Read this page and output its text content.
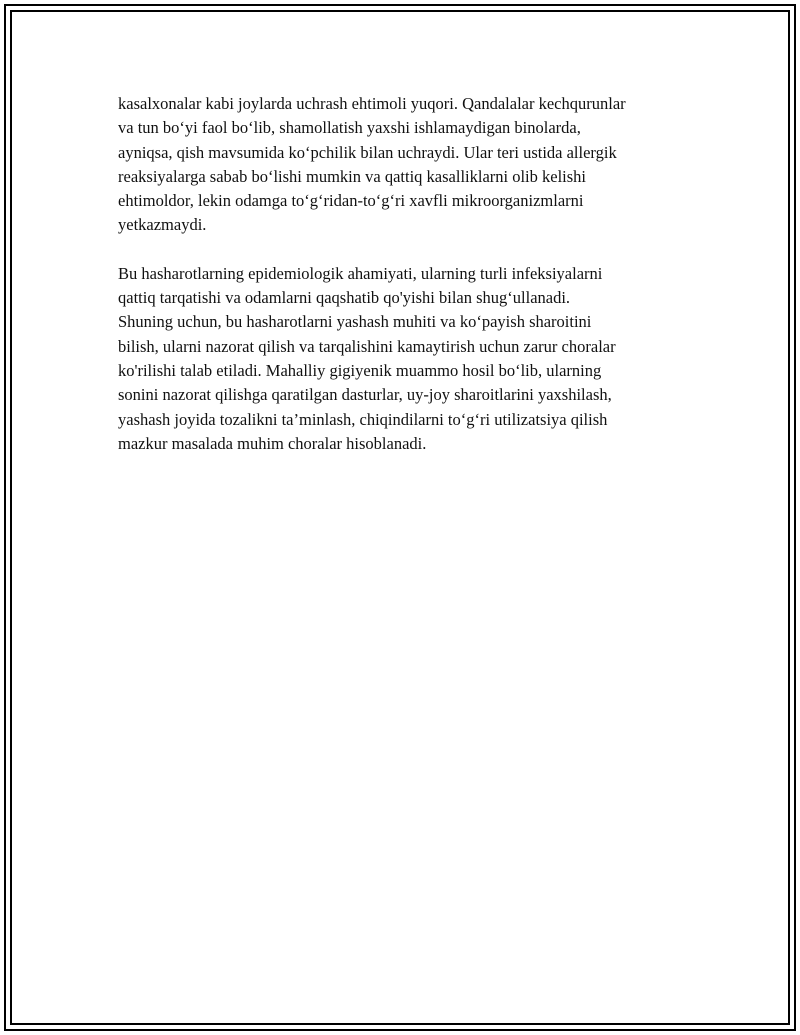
kasalxonalar kabi joylarda uchrash ehtimoli yuqori. Qandalalar kechqurunlar
va tun bo‘yi faol bo‘lib, shamollatish yaxshi ishlamaydigan binolarda,
ayniqsa, qish mavsumida ko‘pchilik bilan uchraydi. Ular teri ustida allergik
reaksiyalarga sabab bo‘lishi mumkin va qattiq kasalliklarni olib kelishi
ehtimoldor, lekin odamga to‘g‘ridan-to‘g‘ri xavfli mikroorganizmlarni
yetkazmaydi.

Bu hasharotlarning epidemiologik ahamiyati, ularning turli infeksiyalarni
qattiq tarqatishi va odamlarni qaqshatib qo'yishi bilan shug‘ullanadi.
Shuning uchun, bu hasharotlarni yashash muhiti va ko‘payish sharoitini
bilish, ularni nazorat qilish va tarqalishini kamaytirish uchun zarur choralar
ko'rilishi talab etiladi. Mahalliy gigiyenik muammo hosil bo‘lib, ularning
sonini nazorat qilishga qaratilgan dasturlar, uy-joy sharoitlarini yaxshilash,
yashash joyida tozalikni ta’minlash, chiqindilarni to‘g‘ri utilizatsiya qilish
mazkur masalada muhim choralar hisoblanadi.
